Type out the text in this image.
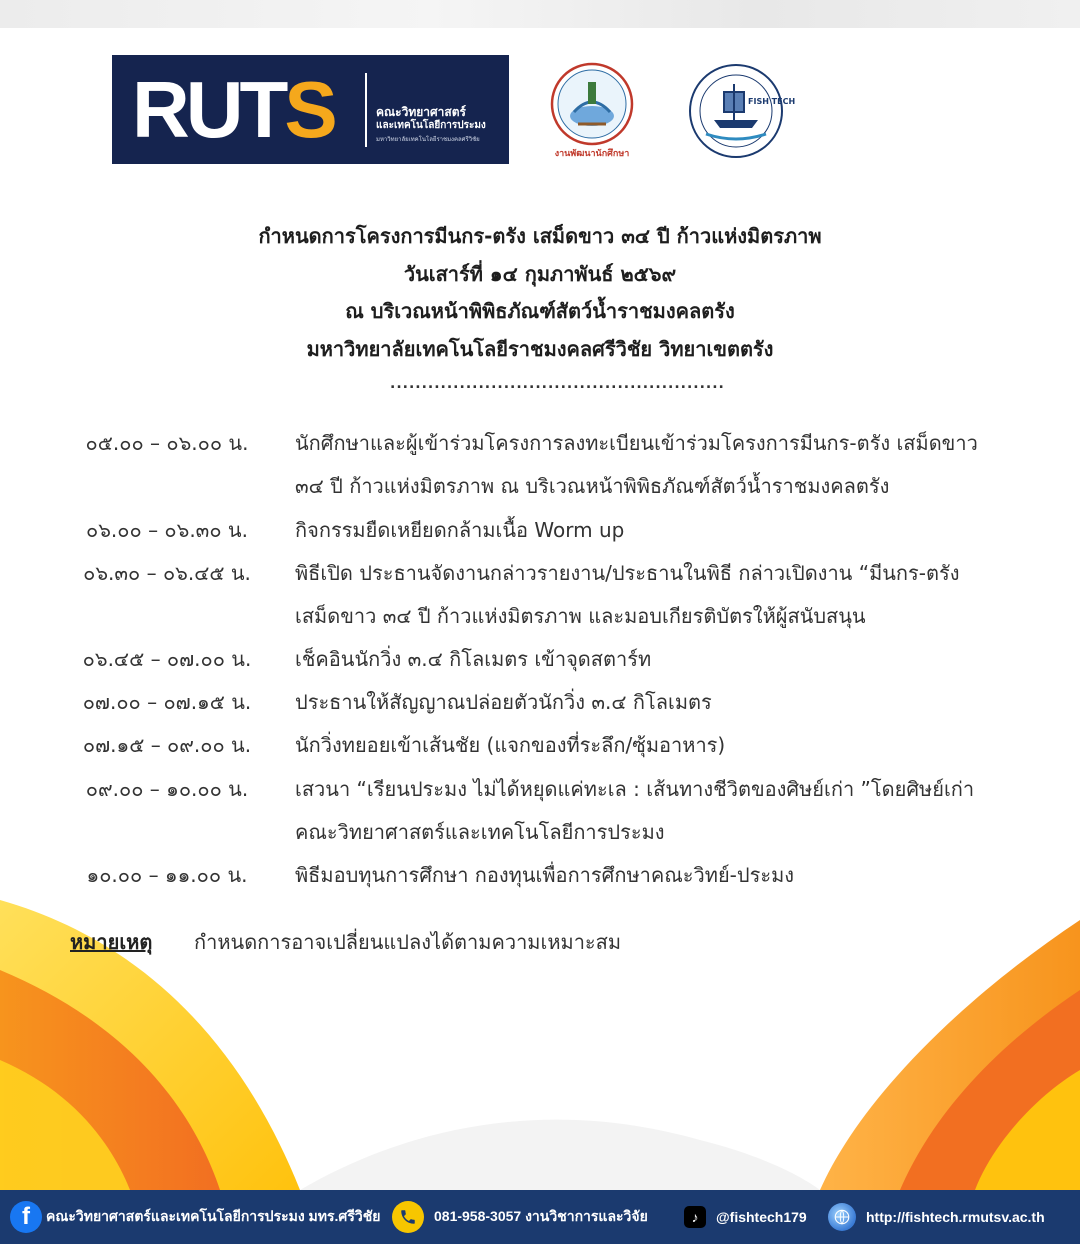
RUTS	คณะวิทยาศาสตร์
และเทคโนโลยีการประมง
มหาวิทยาลัยเทคโนโลยีราชมงคลศรีวิชัย
งานพัฒนานักศึกษา
FISH TECH
กำหนดการโครงการมีนกร-ตรัง เสม็ดขาว ๓๔ ปี ก้าวแห่งมิตรภาพ
วันเสาร์ที่ ๑๔ กุมภาพันธ์ ๒๕๖๙
ณ บริเวณหน้าพิพิธภัณฑ์สัตว์น้ำราชมงคลตรัง
มหาวิทยาลัยเทคโนโลยีราชมงคลศรีวิชัย วิทยาเขตตรัง
.....................................................
๐๕.๐๐ – ๐๖.๐๐ น.	นักศึกษาและผู้เข้าร่วมโครงการลงทะเบียนเข้าร่วมโครงการมีนกร-ตรัง เสม็ดขาว
๓๔ ปี ก้าวแห่งมิตรภาพ ณ บริเวณหน้าพิพิธภัณฑ์สัตว์น้ำราชมงคลตรัง
๐๖.๐๐ – ๐๖.๓๐ น.	กิจกรรมยืดเหยียดกล้ามเนื้อ Worm up
๐๖.๓๐ – ๐๖.๔๕ น.	พิธีเปิด ประธานจัดงานกล่าวรายงาน/ประธานในพิธี กล่าวเปิดงาน “มีนกร-ตรัง
เสม็ดขาว ๓๔ ปี ก้าวแห่งมิตรภาพ และมอบเกียรติบัตรให้ผู้สนับสนุน
๐๖.๔๕ – ๐๗.๐๐ น.	เช็คอินนักวิ่ง ๓.๔ กิโลเมตร เข้าจุดสตาร์ท
๐๗.๐๐ – ๐๗.๑๕ น.	ประธานให้สัญญาณปล่อยตัวนักวิ่ง ๓.๔ กิโลเมตร
๐๗.๑๕ – ๐๙.๐๐ น.	นักวิ่งทยอยเข้าเส้นชัย (แจกของที่ระลึก/ซุ้มอาหาร)
๐๙.๐๐ – ๑๐.๐๐ น.	เสวนา “เรียนประมง ไม่ได้หยุดแค่ทะเล : เส้นทางชีวิตของศิษย์เก่า ”โดยศิษย์เก่า
คณะวิทยาศาสตร์และเทคโนโลยีการประมง
๑๐.๐๐ – ๑๑.๐๐ น.	พิธีมอบทุนการศึกษา กองทุนเพื่อการศึกษาคณะวิทย์-ประมง
หมายเหตุ กำหนดการอาจเปลี่ยนแปลงได้ตามความเหมาะสม
f	คณะวิทยาศาสตร์และเทคโนโลยีการประมง มทร.ศรีวิชัย	081-958-3057 งานวิชาการและวิจัย	♪	@fishtech179	http://fishtech.rmutsv.ac.th
